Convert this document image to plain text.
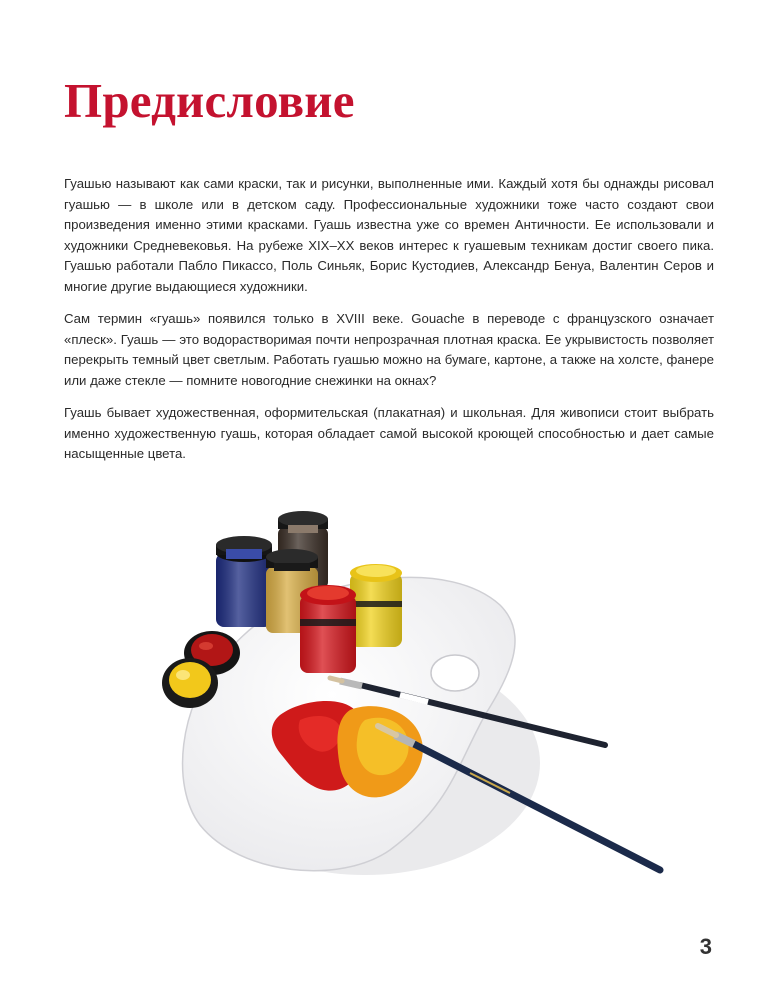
Предисловие

Гуашью называют как сами краски, так и рисунки, выполненные ими. Каждый хотя бы однажды рисовал гуашью — в школе или в детском саду. Профессиональные художники тоже часто создают свои произведения именно этими красками. Гуашь известна уже со времен Античности. Ее использовали и художники Средневековья. На рубеже XIX–XX веков интерес к гуашевым техникам достиг своего пика. Гуашью работали Пабло Пикассо, Поль Синьяк, Борис Кустодиев, Александр Бенуа, Валентин Серов и многие другие выдающиеся художники.

Сам термин «гуашь» появился только в XVIII веке. Gouache в переводе с французского означает «плеск». Гуашь — это водорастворимая почти непрозрачная плотная краска. Ее укрывистость позволяет перекрыть темный цвет светлым. Работать гуашью можно на бумаге, картоне, а также на холсте, фанере или даже стекле — помните новогодние снежинки на окнах?

Гуашь бывает художественная, оформительская (плакатная) и школьная. Для живописи стоит выбрать именно художественную гуашь, которая обладает самой высокой кроющей способностью и дает самые насыщенные цвета.

3
